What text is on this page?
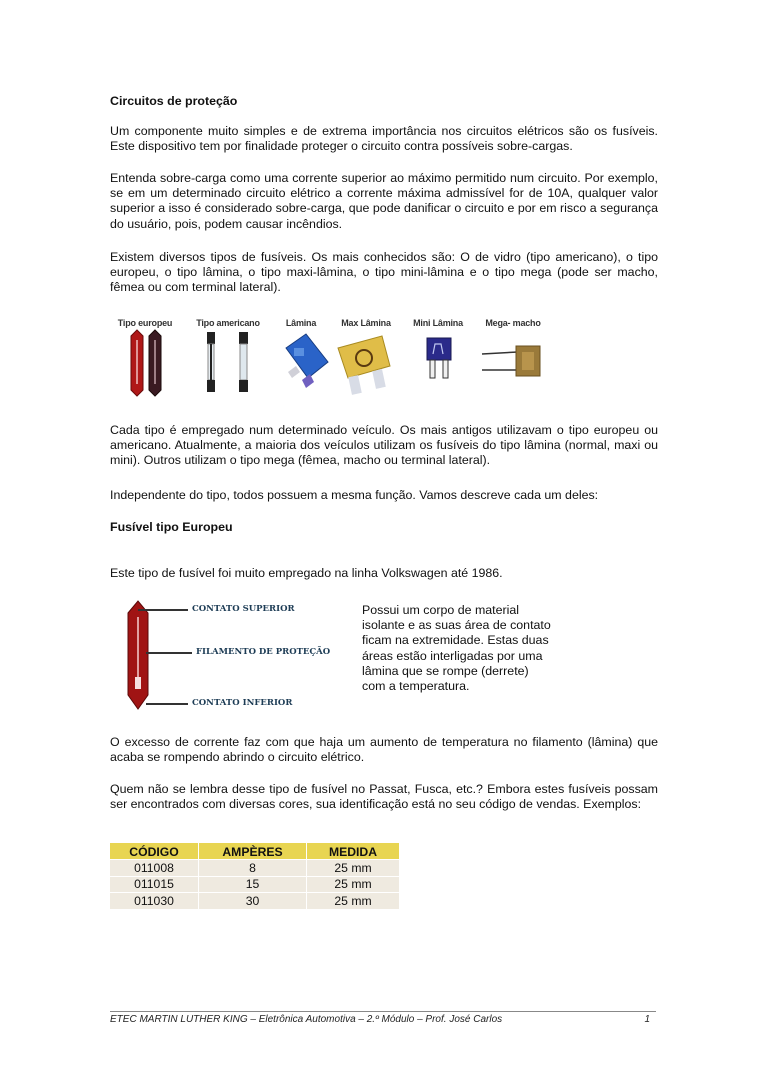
Circuitos de proteção

Um componente muito simples e de extrema importância nos circuitos elétricos são os fusíveis. Este dispositivo tem por finalidade proteger o circuito contra possíveis sobre-cargas.

Entenda sobre-carga como uma corrente superior ao máximo permitido num circuito. Por exemplo, se em um determinado circuito elétrico a corrente máxima admissível for de 10A, qualquer valor superior a isso é considerado sobre-carga, que pode danificar o circuito e por em risco a segurança do usuário, pois, podem causar incêndios.

Existem diversos tipos de fusíveis. Os mais conhecidos são: O de vidro (tipo americano), o tipo europeu, o tipo lâmina, o tipo maxi-lâmina, o tipo mini-lâmina e o tipo mega (pode ser macho, fêmea ou com terminal lateral).

Tipo europeu	Tipo americano	Lâmina	Max Lâmina	Mini Lâmina	Mega- macho

Cada tipo é empregado num determinado veículo. Os mais antigos utilizavam o tipo europeu ou americano. Atualmente, a maioria dos veículos utilizam os fusíveis do tipo lâmina (normal, maxi ou mini). Outros utilizam o tipo mega (fêmea, macho ou terminal lateral).

Independente do tipo, todos possuem a mesma função. Vamos descreve cada um deles:

Fusível tipo Europeu

Este tipo de fusível foi muito empregado na linha Volkswagen até 1986.

CONTATO SUPERIOR
FILAMENTO DE PROTEÇÃO
CONTATO INFERIOR

Possui um corpo de material isolante e as suas área de contato ficam na extremidade. Estas duas áreas estão interligadas por uma lâmina que se rompe (derrete) com a temperatura.

O excesso de corrente faz com que haja um aumento de temperatura no filamento (lâmina) que acaba se rompendo abrindo o circuito elétrico.

Quem não se lembra desse tipo de fusível no Passat, Fusca, etc.? Embora estes fusíveis possam ser encontrados com diversas cores, sua identificação está no seu código de vendas. Exemplos:

CÓDIGO	AMPÈRES	MEDIDA
011008	8	25 mm
011015	15	25 mm
011030	30	25 mm
ETEC MARTIN LUTHER KING – Eletrônica Automotiva – 2.º Módulo – Prof. José Carlos	1
